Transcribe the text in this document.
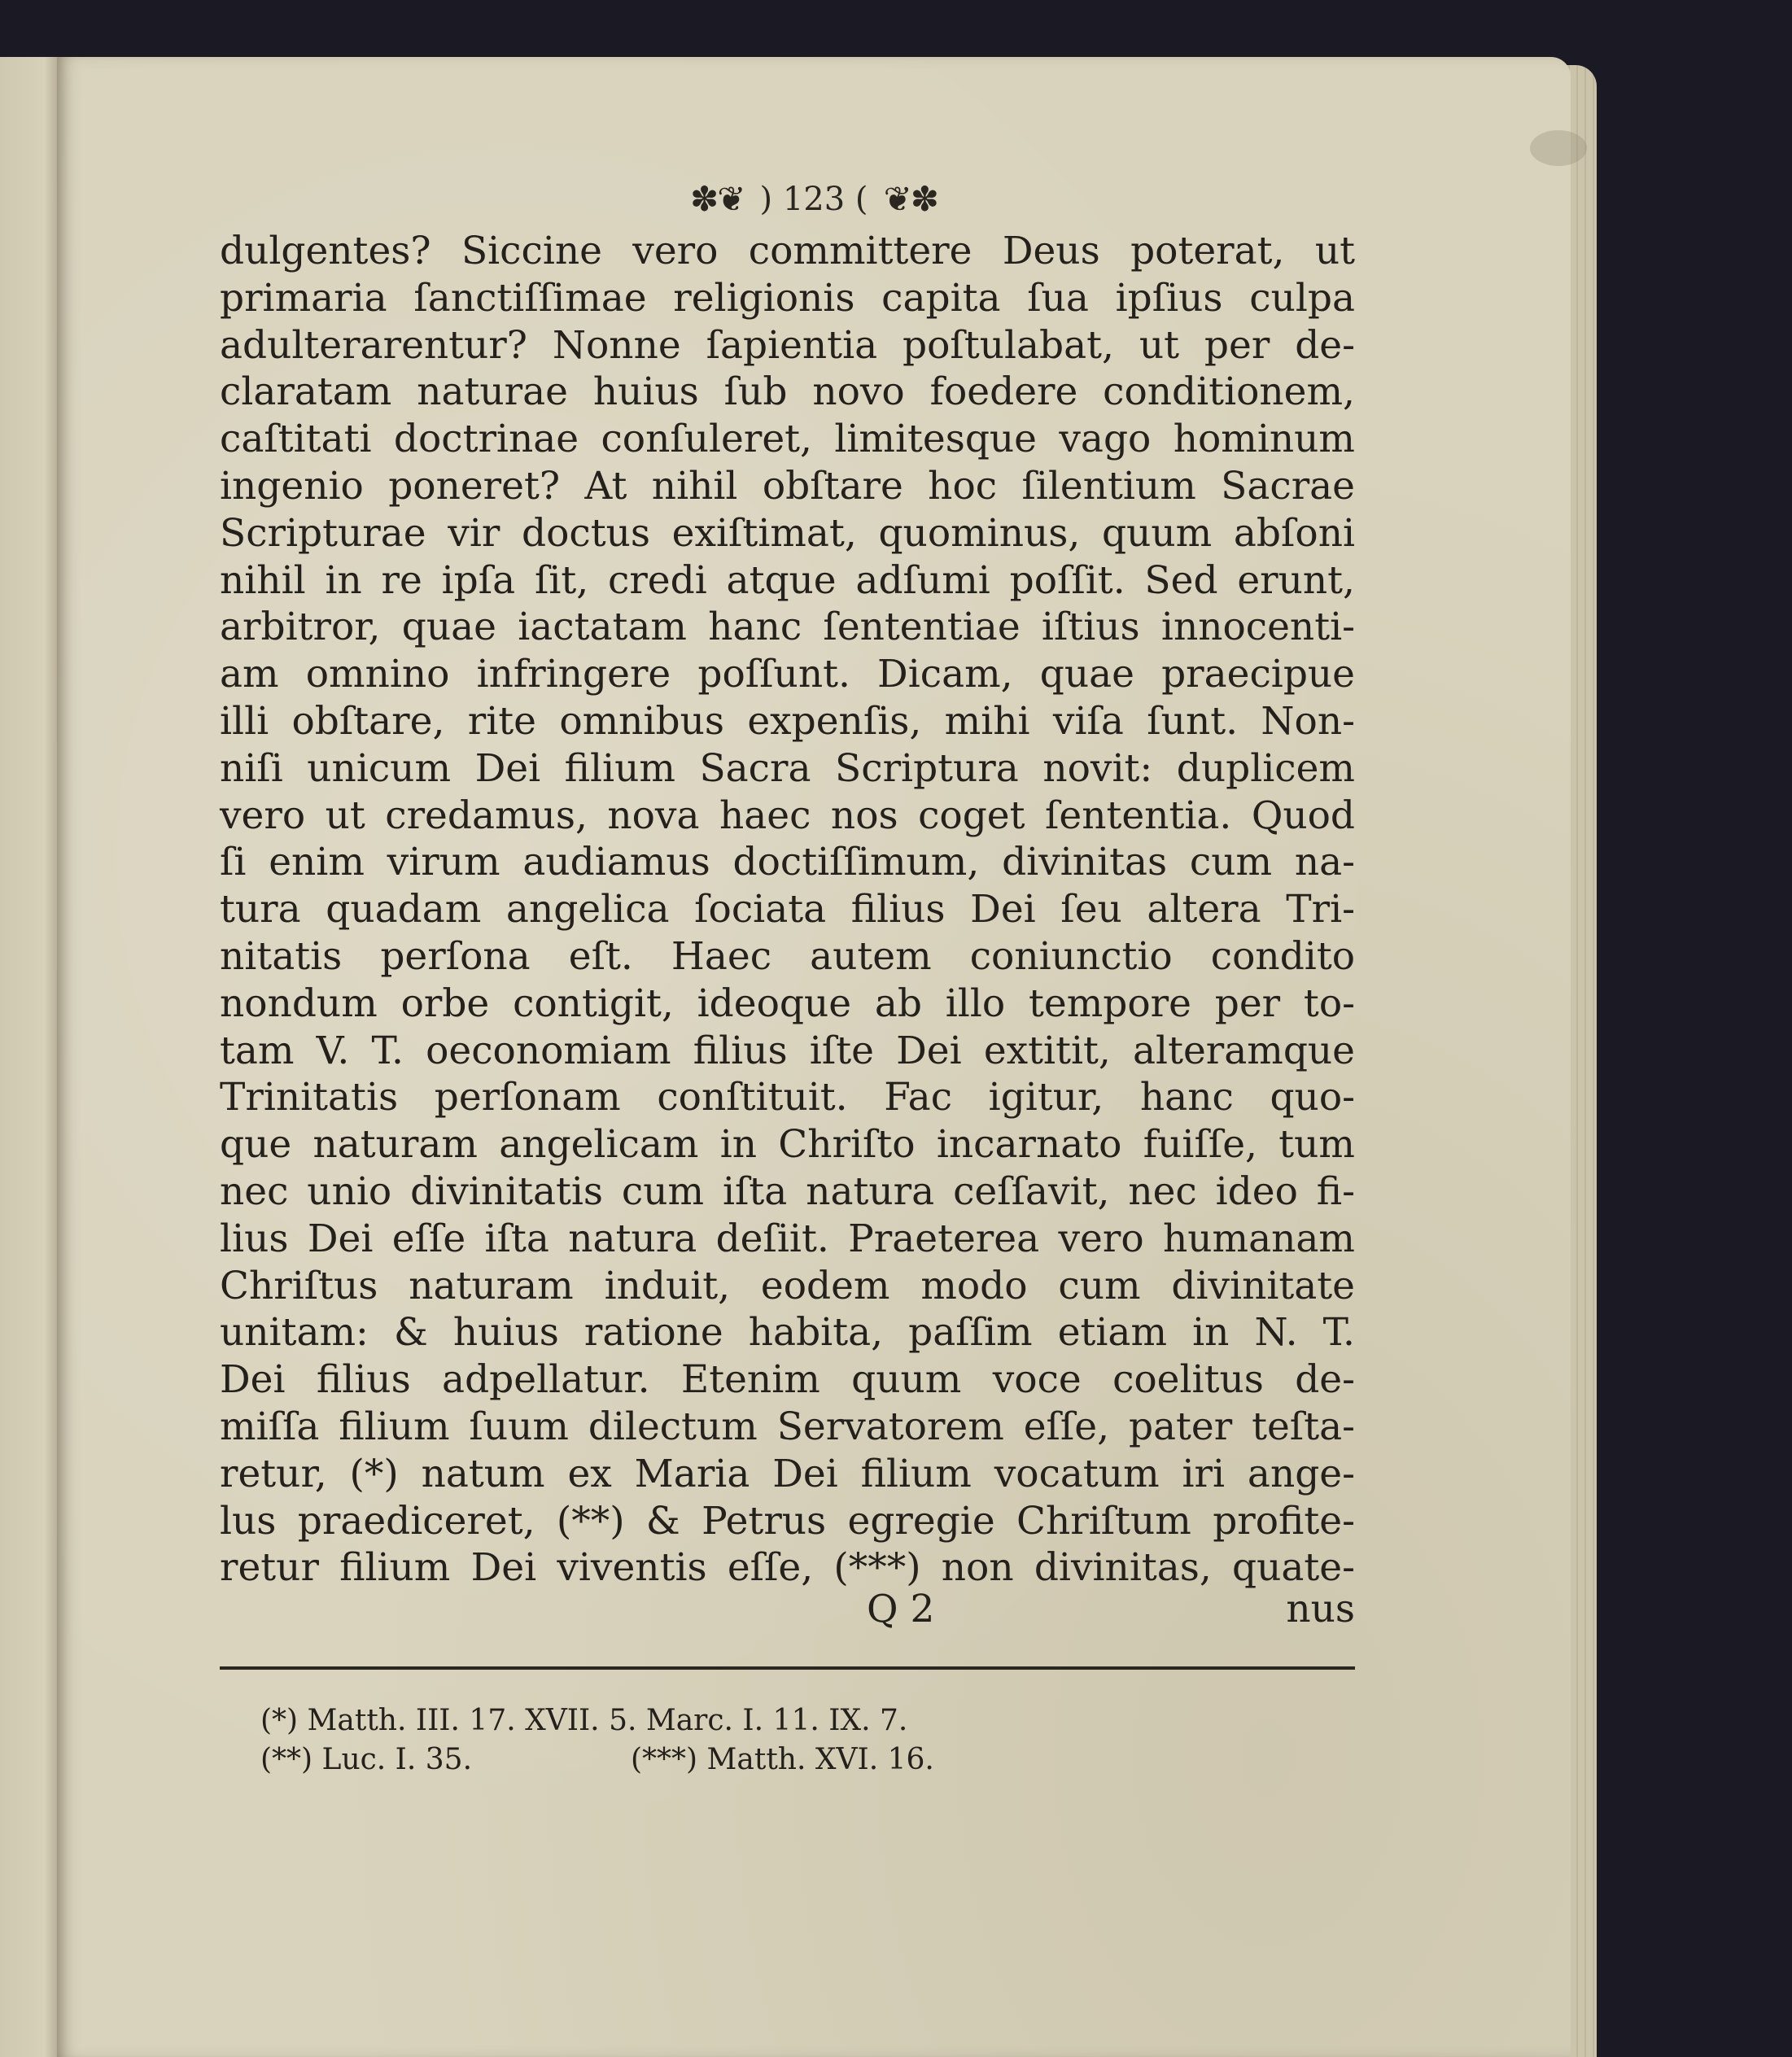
✽❦ ) 123 ( ❦✽
dulgentes? Siccine vero committere Deus poterat, ut
primaria ſanctiſſimae religionis capita ſua ipſius culpa
adulterarentur? Nonne ſapientia poſtulabat, ut per de-
claratam naturae huius ſub novo foedere conditionem,
caſtitati doctrinae conſuleret, limitesque vago hominum
ingenio poneret? At nihil obſtare hoc ſilentium Sacrae
Scripturae vir doctus exiſtimat, quominus, quum abſoni
nihil in re ipſa ſit, credi atque adſumi poſſit. Sed erunt,
arbitror, quae iactatam hanc ſententiae iſtius innocenti-
am omnino infringere poſſunt. Dicam, quae praecipue
illi obſtare, rite omnibus expenſis, mihi viſa ſunt. Non-
niſi unicum Dei filium Sacra Scriptura novit: duplicem
vero ut credamus, nova haec nos coget ſententia. Quod
ſi enim virum audiamus doctiſſimum, divinitas cum na-
tura quadam angelica ſociata filius Dei ſeu altera Tri-
nitatis perſona eſt. Haec autem coniunctio condito
nondum orbe contigit, ideoque ab illo tempore per to-
tam V. T. oeconomiam filius iſte Dei extitit, alteramque
Trinitatis perſonam conſtituit. Fac igitur, hanc quo-
que naturam angelicam in Chriſto incarnato fuiſſe, tum
nec unio divinitatis cum iſta natura ceſſavit, nec ideo fi-
lius Dei eſſe iſta natura deſiit. Praeterea vero humanam
Chriſtus naturam induit, eodem modo cum divinitate
unitam: & huius ratione habita, paſſim etiam in N. T.
Dei filius adpellatur. Etenim quum voce coelitus de-
miſſa filium ſuum dilectum Servatorem eſſe, pater teſta-
retur, (*) natum ex Maria Dei filium vocatum iri ange-
lus praediceret, (**) & Petrus egregie Chriſtum profite-
retur filium Dei viventis eſſe, (***) non divinitas, quate-
Q 2	nus
(*) Matth. III. 17. XVII. 5. Marc. I. 11. IX. 7.
(**) Luc. I. 35.	(***) Matth. XVI. 16.
